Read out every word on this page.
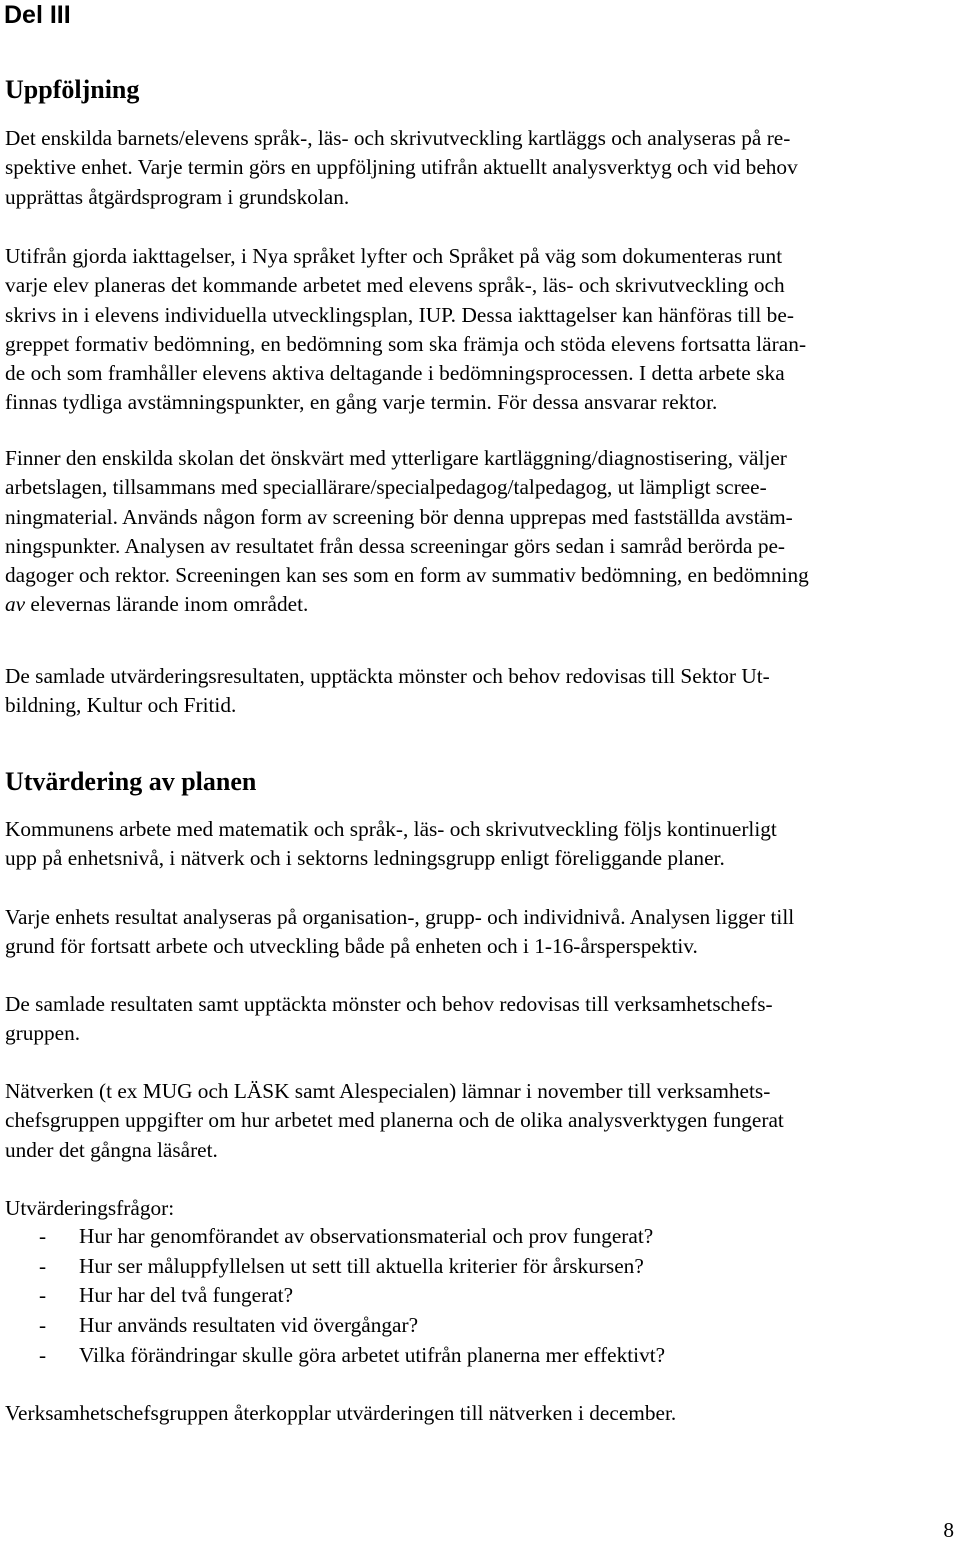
Del III
Uppföljning

Det enskilda barnets/elevens språk-, läs- och skrivutveckling kartläggs och analyseras på re-
spektive enhet. Varje termin görs en uppföljning utifrån aktuellt analysverktyg och vid behov
upprättas åtgärdsprogram i grundskolan.

Utifrån gjorda iakttagelser, i Nya språket lyfter och Språket på väg som dokumenteras runt
varje elev planeras det kommande arbetet med elevens språk-, läs- och skrivutveckling och
skrivs in i elevens individuella utvecklingsplan, IUP. Dessa iakttagelser kan hänföras till be-
greppet formativ bedömning, en bedömning som ska främja och stöda elevens fortsatta läran-
de och som framhåller elevens aktiva deltagande i bedömningsprocessen. I detta arbete ska
finnas tydliga avstämningspunkter, en gång varje termin. För dessa ansvarar rektor.

Finner den enskilda skolan det önskvärt med ytterligare kartläggning/diagnostisering, väljer
arbetslagen, tillsammans med speciallärare/specialpedagog/talpedagog, ut lämpligt scree-
ningmaterial. Används någon form av screening bör denna upprepas med fastställda avstäm-
ningspunkter. Analysen av resultatet från dessa screeningar görs sedan i samråd berörda pe-
dagoger och rektor. Screeningen kan ses som en form av summativ bedömning, en bedömning
av elevernas lärande inom området.

De samlade utvärderingsresultaten, upptäckta mönster och behov redovisas till Sektor Ut-
bildning, Kultur och Fritid.

Utvärdering av planen

Kommunens arbete med matematik och språk-, läs- och skrivutveckling följs kontinuerligt
upp på enhetsnivå, i nätverk och i sektorns ledningsgrupp enligt föreliggande planer.

Varje enhets resultat analyseras på organisation-, grupp- och individnivå. Analysen ligger till
grund för fortsatt arbete och utveckling både på enheten och i 1-16-årsperspektiv.

De samlade resultaten samt upptäckta mönster och behov redovisas till verksamhetschefs-
gruppen.

Nätverken (t ex MUG och LÄSK samt Alespecialen) lämnar i november till verksamhets-
chefsgruppen uppgifter om hur arbetet med planerna och de olika analysverktygen fungerat
under det gångna läsåret.

Utvärderingsfrågor:

- Hur har genomförandet av observationsmaterial och prov fungerat?
- Hur ser måluppfyllelsen ut sett till aktuella kriterier för årskursen?
- Hur har del två fungerat?
- Hur används resultaten vid övergångar?
- Vilka förändringar skulle göra arbetet utifrån planerna mer effektivt?

Verksamhetschefsgruppen återkopplar utvärderingen till nätverken i december.

8
